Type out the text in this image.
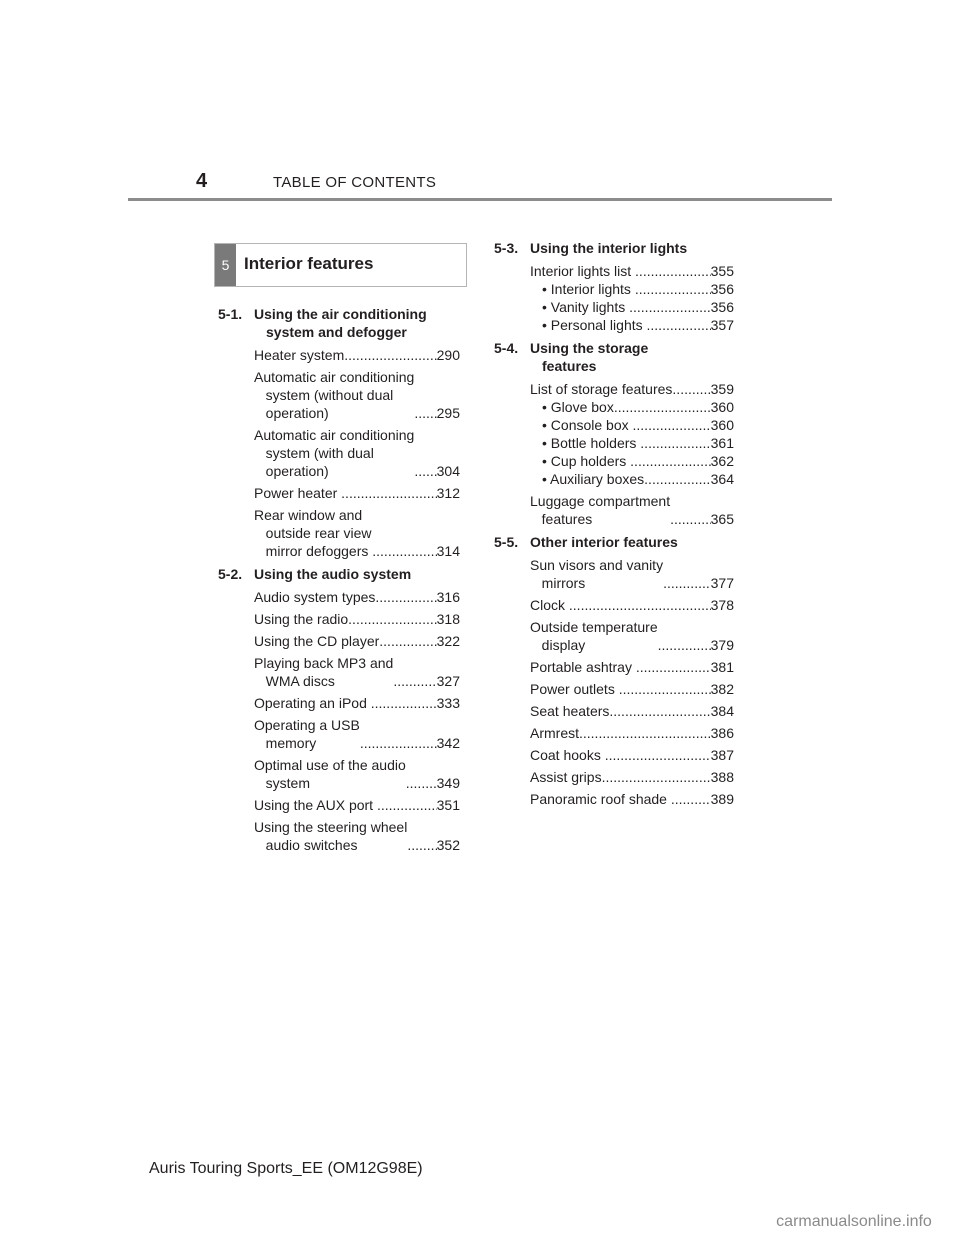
4	TABLE OF CONTENTS
5 Interior features
5-1. Using the air conditioning
system and defogger
Heater system .....	290
Automatic air conditioning
system (without dual
operation) .....	295
Automatic air conditioning
system (with dual
operation) .....	304
Power heater .....	312
Rear window and
outside rear view
mirror defoggers .....	314
5-2. Using the audio system
Audio system types .....	316
Using the radio .....	318
Using the CD player .....	322
Playing back MP3 and
WMA discs .....	327
Operating an iPod .....	333
Operating a USB
memory .....	342
Optimal use of the audio
system .....	349
Using the AUX port .....	351
Using the steering wheel
audio switches .....	352
5-3. Using the interior lights
Interior lights list .....	355
• Interior lights .....	356
• Vanity lights .....	356
• Personal lights .....	357
5-4. Using the storage
features
List of storage features .....	359
• Glove box .....	360
• Console box .....	360
• Bottle holders .....	361
• Cup holders .....	362
• Auxiliary boxes .....	364
Luggage compartment
features .....	365
5-5. Other interior features
Sun visors and vanity
mirrors .....	377
Clock .....	378
Outside temperature
display .....	379
Portable ashtray .....	381
Power outlets .....	382
Seat heaters .....	384
Armrest .....	386
Coat hooks .....	387
Assist grips .....	388
Panoramic roof shade .....	389
Auris Touring Sports_EE (OM12G98E)
carmanualsonline.info
